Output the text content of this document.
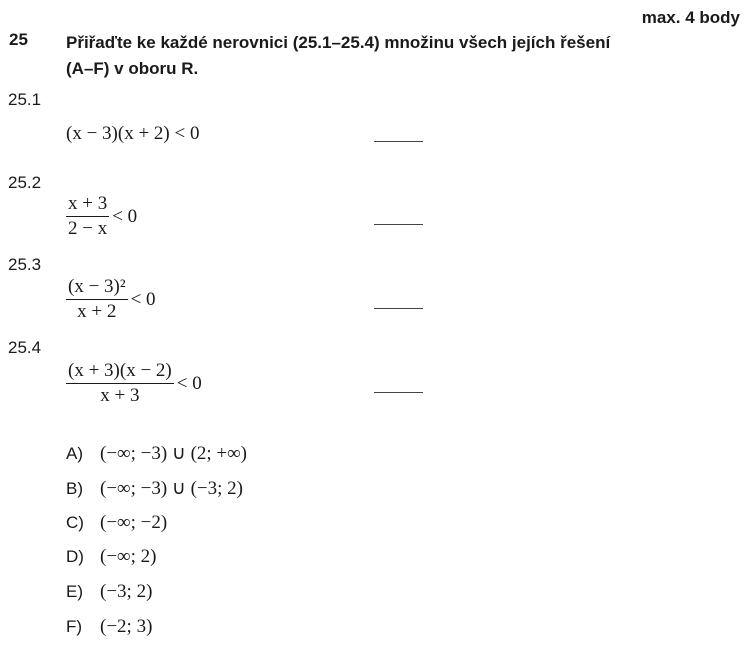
max. 4 body
25 Přiřaďte ke každé nerovnici (25.1–25.4) množinu všech jejích řešení (A–F) v oboru R.
25.1
(x − 3)(x + 2) < 0
25.2
$\frac{x + 3}{2 - x} < 0$
25.3
$\frac{\text{(x − 3)²}}{x + 2} < 0$
25.4
$\frac{(x + 3)(x - 2)}{x + 3} < 0$
A) (−∞; −3) ∪ (2; +∞)
B) (−∞; −3) ∪ (−3; 2)
C) (−∞; −2)
D) (−∞; 2)
E) (−3; 2)
F) (−2; 3)
